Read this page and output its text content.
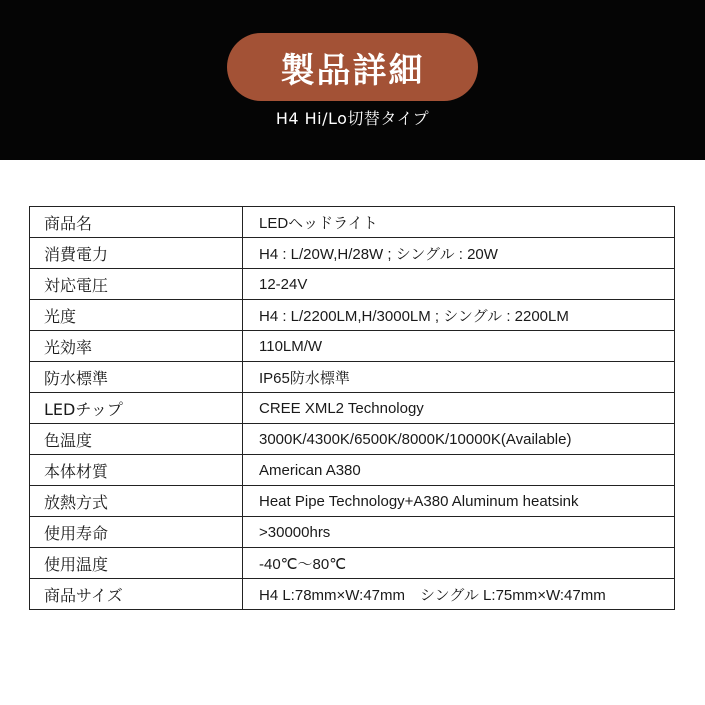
製品詳細
H4 Hi/Lo切替タイプ
商品名	LEDヘッドライト
消費電力	H4 : L/20W,H/28W ; シングル : 20W
対応電圧	12-24V
光度	H4 : L/2200LM,H/3000LM ; シングル : 2200LM
光効率	110LM/W
防水標準	IP65防水標準
LEDチップ	CREE XML2 Technology
色温度	3000K/4300K/6500K/8000K/10000K(Available)
本体材質	American A380
放熱方式	Heat Pipe Technology+A380 Aluminum heatsink
使用寿命	>30000hrs
使用温度	-40℃～80℃
商品サイズ	H4 L:78mm×W:47mm　シングル L:75mm×W:47mm
